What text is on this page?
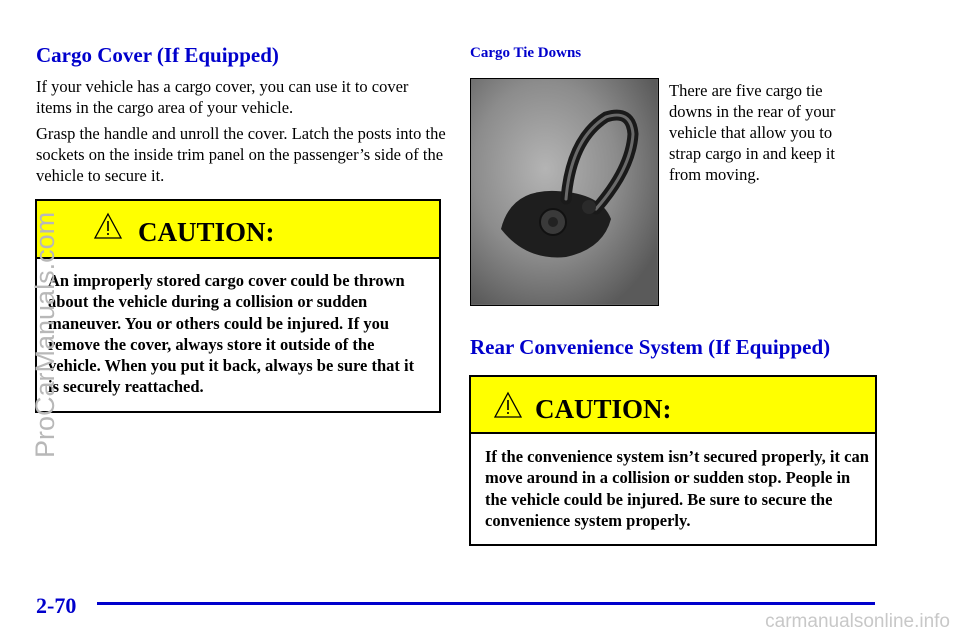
Cargo Cover (If Equipped)

If your vehicle has a cargo cover, you can use it to cover items in the cargo area of your vehicle.

Grasp the handle and unroll the cover. Latch the posts into the sockets on the inside trim panel on the passenger’s side of the vehicle to secure it.

CAUTION:
An improperly stored cargo cover could be thrown about the vehicle during a collision or sudden maneuver. You or others could be injured. If you remove the cover, always store it outside of the vehicle. When you put it back, always be sure that it is securely reattached.
Cargo Tie Downs

There are five cargo tie downs in the rear of your vehicle that allow you to strap cargo in and keep it from moving.

Rear Convenience System (If Equipped)
CAUTION:
If the convenience system isn’t secured properly, it can move around in a collision or sudden stop. People in the vehicle could be injured. Be sure to secure the convenience system properly.

2-70

ProCarManuals.com

carmanualsonline.info
